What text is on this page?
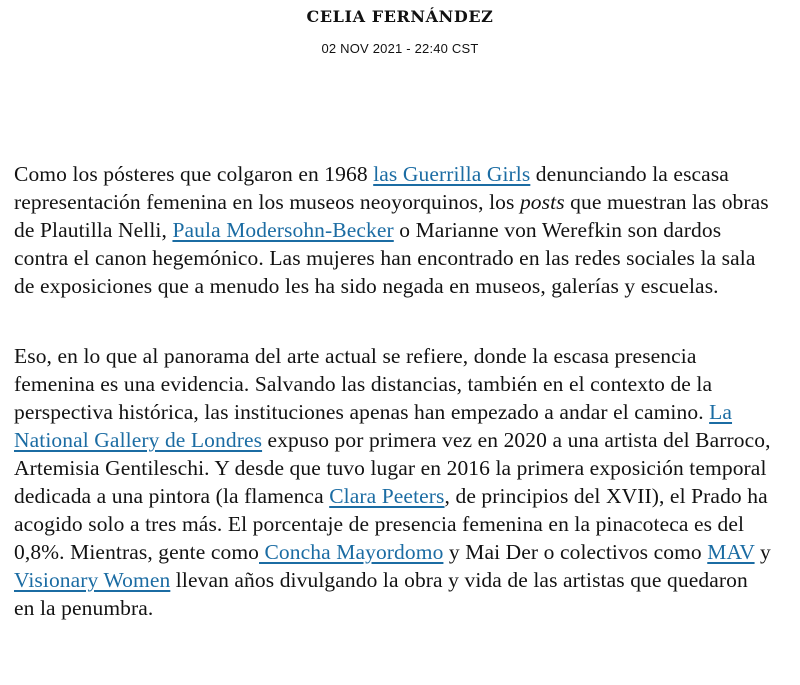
CELIA FERNÁNDEZ
02 NOV 2021 - 22:40 CST

Como los pósteres que colgaron en 1968 las Guerrilla Girls denunciando la escasa representación femenina en los museos neoyorquinos, los posts que muestran las obras de Plautilla Nelli, Paula Modersohn-Becker o Marianne von Werefkin son dardos contra el canon hegemónico. Las mujeres han encontrado en las redes sociales la sala de exposiciones que a menudo les ha sido negada en museos, galerías y escuelas.

Eso, en lo que al panorama del arte actual se refiere, donde la escasa presencia femenina es una evidencia. Salvando las distancias, también en el contexto de la perspectiva histórica, las instituciones apenas han empezado a andar el camino. La National Gallery de Londres expuso por primera vez en 2020 a una artista del Barroco, Artemisia Gentileschi. Y desde que tuvo lugar en 2016 la primera exposición temporal dedicada a una pintora (la flamenca Clara Peeters, de principios del XVII), el Prado ha acogido solo a tres más. El porcentaje de presencia femenina en la pinacoteca es del 0,8%. Mientras, gente como Concha Mayordomo y Mai Der o colectivos como MAV y Visionary Women llevan años divulgando la obra y vida de las artistas que quedaron en la penumbra.
